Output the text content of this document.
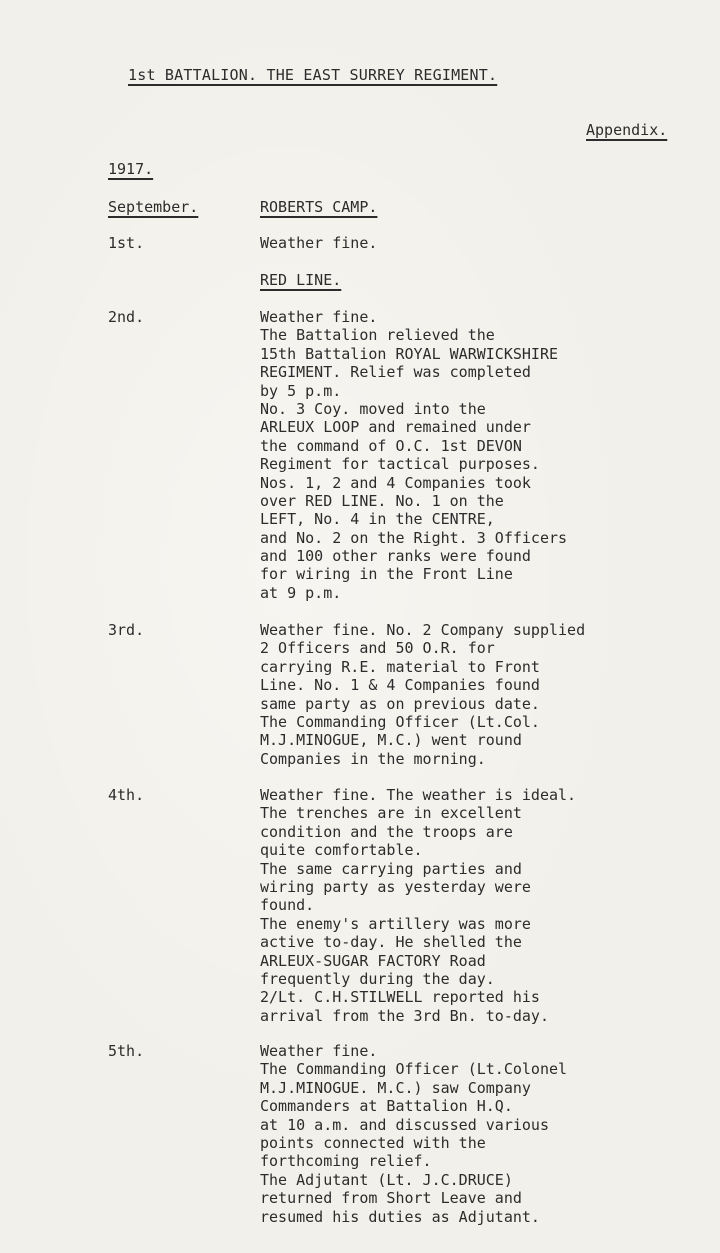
1st BATTALION. THE EAST SURREY REGIMENT.
Appendix.
1917.
September.	ROBERTS CAMP.
1st.	Weather fine.
RED LINE.
2nd.	Weather fine.
The Battalion relieved the
15th Battalion ROYAL WARWICKSHIRE
REGIMENT. Relief was completed
by 5 p.m.
No. 3 Coy. moved into the
ARLEUX LOOP and remained under
the command of O.C. 1st DEVON
Regiment for tactical purposes.
Nos. 1, 2 and 4 Companies took
over RED LINE. No. 1 on the
LEFT, No. 4 in the CENTRE,
and No. 2 on the Right. 3 Officers
and 100 other ranks were found
for wiring in the Front Line
at 9 p.m.
3rd.	Weather fine. No. 2 Company supplied
2 Officers and 50 O.R. for
carrying R.E. material to Front
Line. No. 1 & 4 Companies found
same party as on previous date.
The Commanding Officer (Lt.Col.
M.J.MINOGUE, M.C.) went round
Companies in the morning.
4th.	Weather fine. The weather is ideal.
The trenches are in excellent
condition and the troops are
quite comfortable.
The same carrying parties and
wiring party as yesterday were
found.
The enemy's artillery was more
active to-day. He shelled the
ARLEUX-SUGAR FACTORY Road
frequently during the day.
2/Lt. C.H.STILWELL reported his
arrival from the 3rd Bn. to-day.
5th.	Weather fine.
The Commanding Officer (Lt.Colonel
M.J.MINOGUE. M.C.) saw Company
Commanders at Battalion H.Q.
at 10 a.m. and discussed various
points connected with the
forthcoming relief.
The Adjutant (Lt. J.C.DRUCE)
returned from Short Leave and
resumed his duties as Adjutant.
